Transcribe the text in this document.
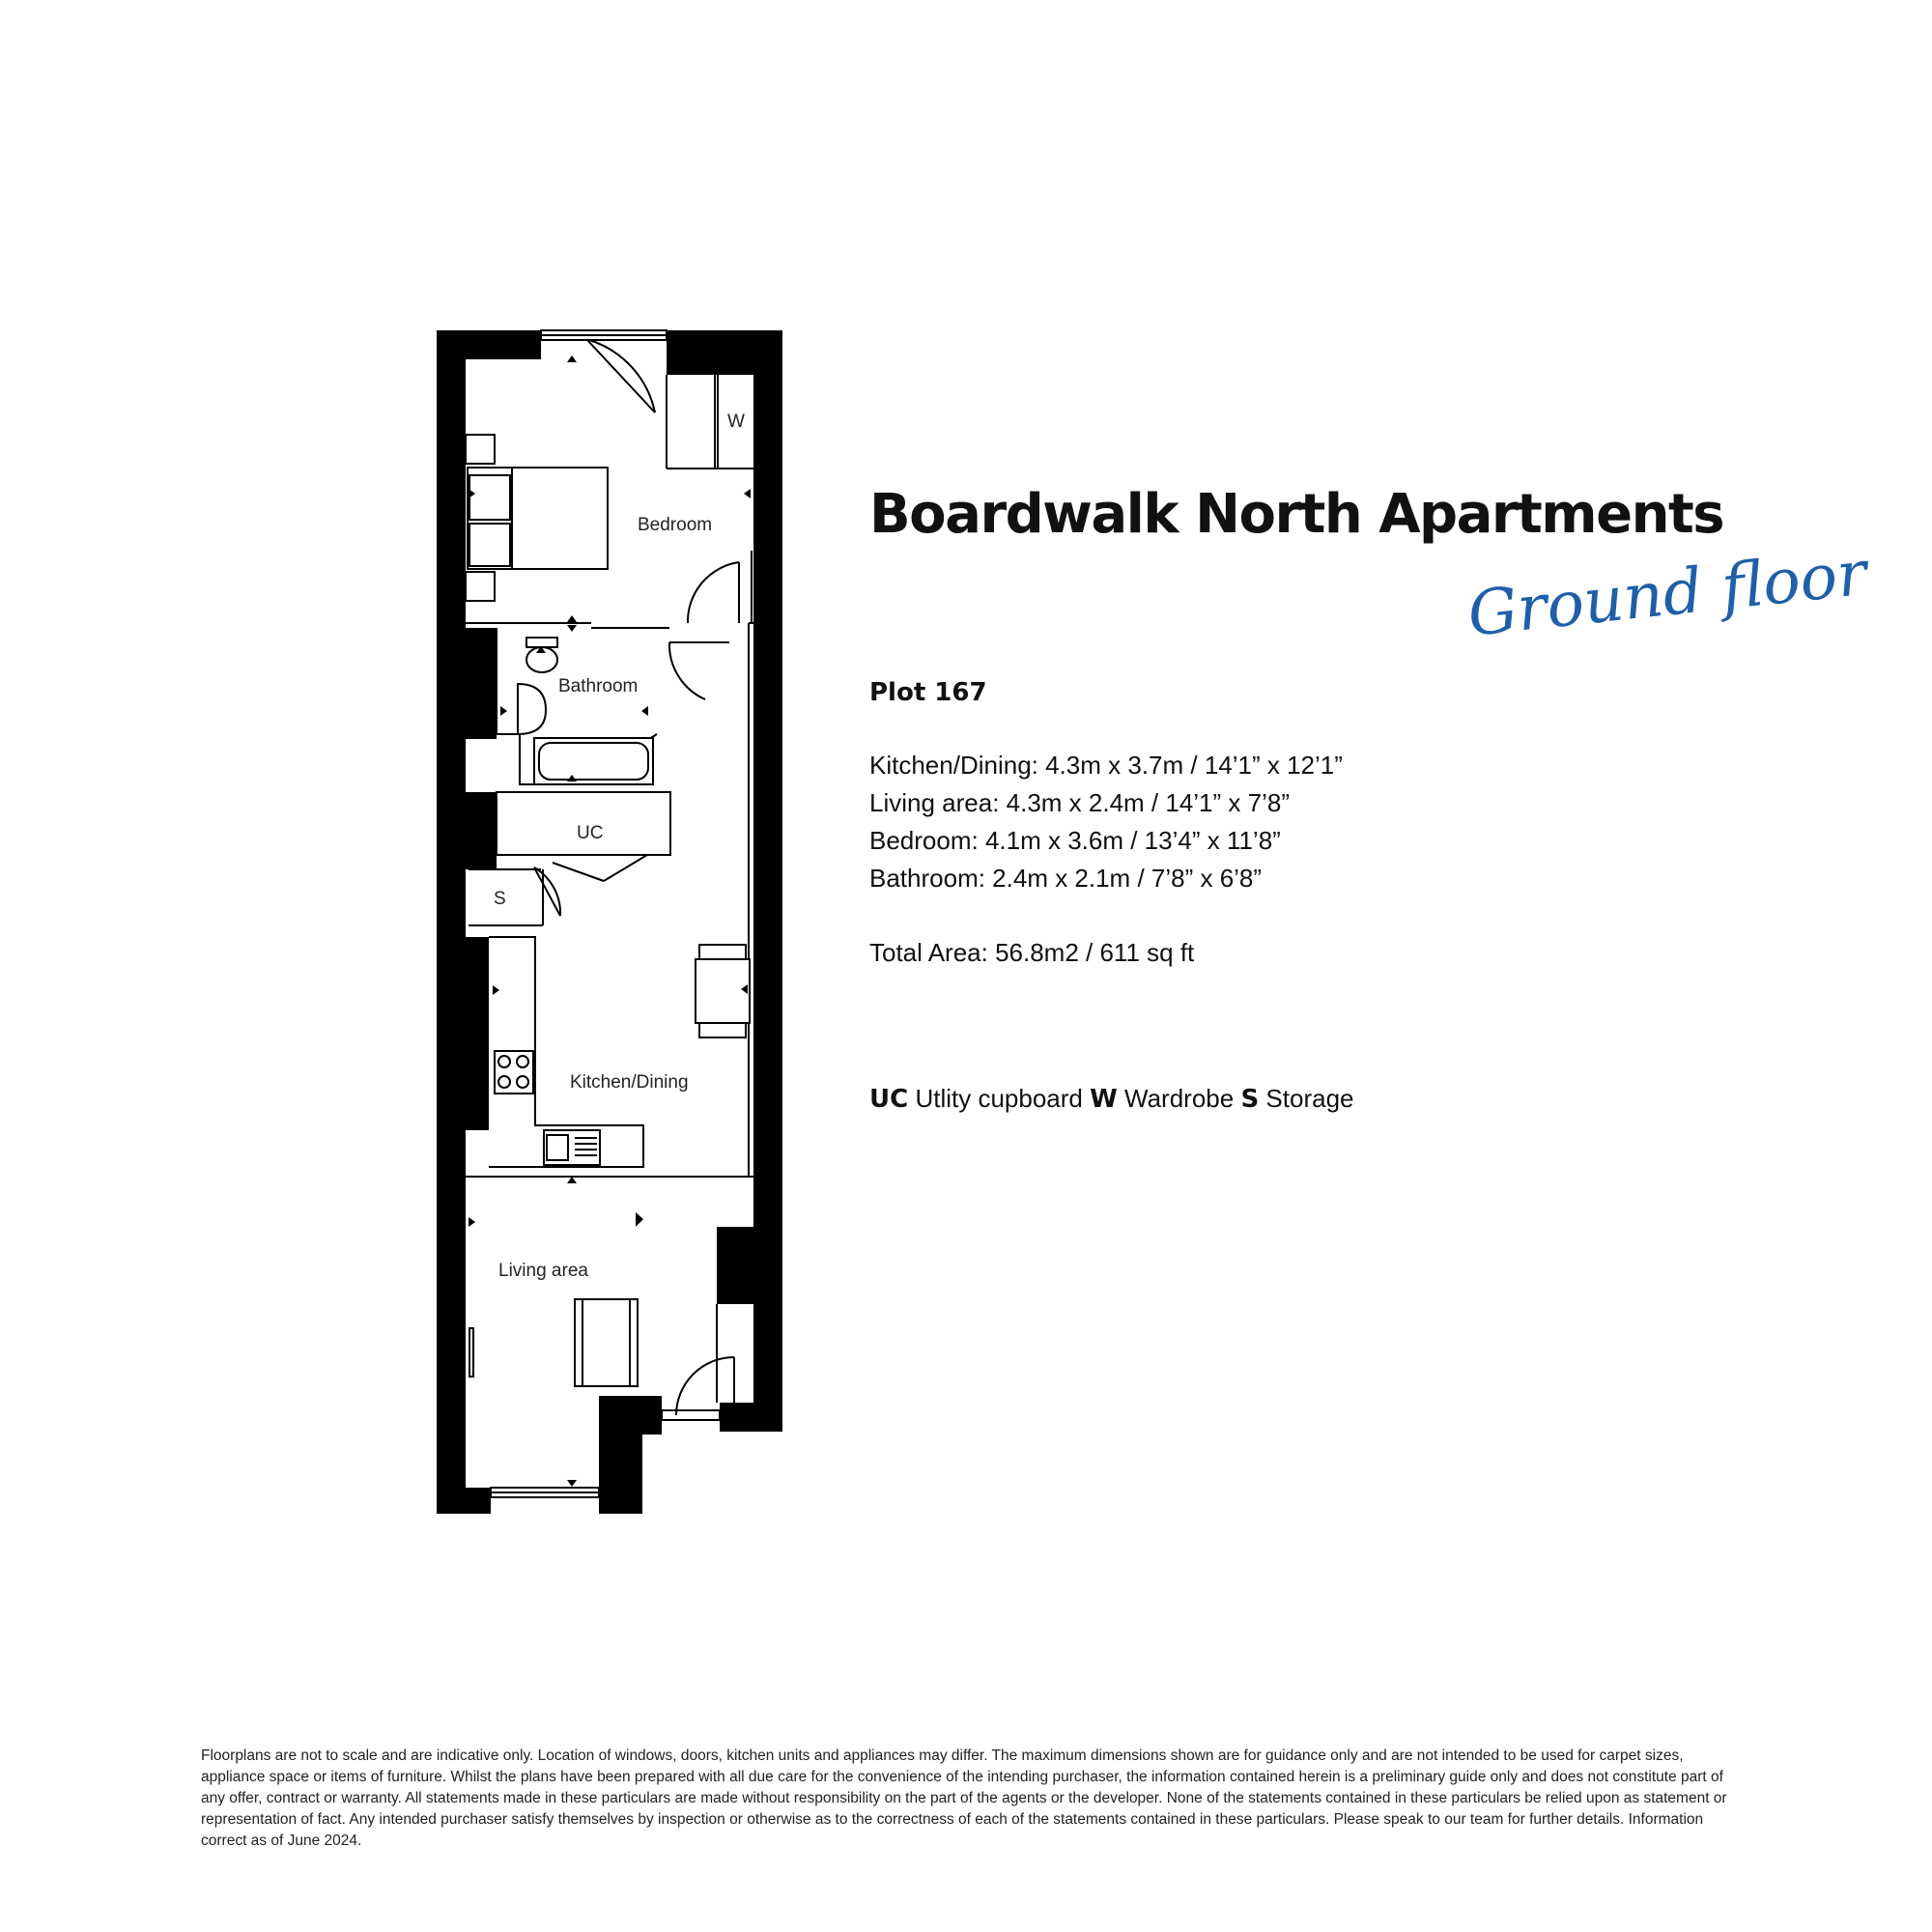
Bedroom
Bathroom
UC
S
W
Kitchen/Dining
Living area
Boardwalk North Apartments
Ground floor
Plot 167
Kitchen/Dining: 4.3m x 3.7m / 14’1” x 12’1”
Living area: 4.3m x 2.4m / 14’1” x 7’8”
Bedroom: 4.1m x 3.6m / 13’4” x 11’8”
Bathroom: 2.4m x 2.1m / 7’8” x 6’8”
Total Area: 56.8m2 / 611 sq ft
UC Utlity cupboard W Wardrobe S Storage

Floorplans are not to scale and are indicative only. Location of windows, doors, kitchen units and appliances may differ. The maximum dimensions shown are for guidance only and are not intended to be used for carpet sizes, appliance space or items of furniture. Whilst the plans have been prepared with all due care for the convenience of the intending purchaser, the information contained herein is a preliminary guide only and does not constitute part of any offer, contract or warranty. All statements made in these particulars are made without responsibility on the part of the agents or the developer. None of the statements contained in these particulars be relied upon as statement or representation of fact. Any intended purchaser satisfy themselves by inspection or otherwise as to the correctness of each of the statements contained in these particulars. Please speak to our team for further details. Information correct as of June 2024.
